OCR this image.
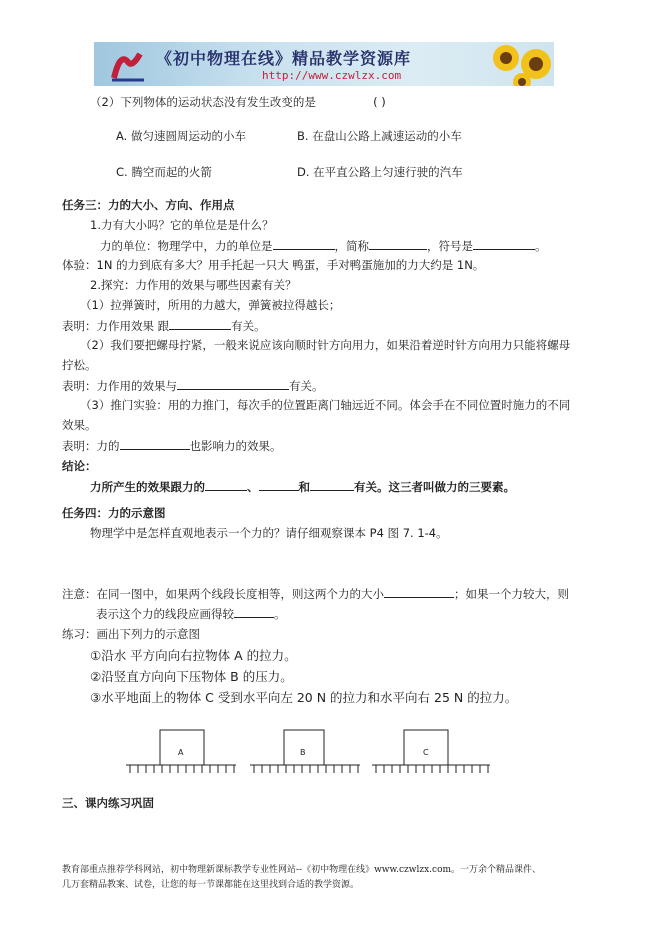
《初中物理在线》精品教学资源库
http://www.czwlzx.com
（2）下列物体的运动状态没有发生改变的是	( )
A. 做匀速圆周运动的小车	B. 在盘山公路上减速运动的小车
C. 腾空而起的火箭	D. 在平直公路上匀速行驶的汽车
任务三：力的大小、方向、作用点
1.力有大小吗？它的单位是是什么？
力的单位：物理学中，力的单位是	，简称	，符号是	。
体验：1N 的力到底有多大？用手托起一只大 鸭蛋，手对鸭蛋施加的力大约是 1N。
2.探究：力作用的效果与哪些因素有关？
（1）拉弹簧时，所用的力越大，弹簧被拉得越长；
表明：力作用效果 跟	有关。
（2）我们要把螺母拧紧，一般来说应该向顺时针方向用力，如果沿着逆时针方向用力只能将螺母
拧松。
表明：力作用的效果与	有关。
（3）推门实验：用的力推门，每次手的位置距离门轴远近不同。体会手在不同位置时施力的不同
效果。
表明：力的	也影响力的效果。
结论：
力所产生的效果跟力的	、	和	有关。这三者叫做力的三要素。
任务四：力的示意图
物理学中是怎样直观地表示一个力的？请仔细观察课本 P4 图 7. 1-4。
注意：在同一图中，如果两个线段长度相等，则这两个力的大小	；如果一个力较大，则
表示这个力的线段应画得较	。
练习：画出下列力的示意图
①沿水 平方向向右拉物体 A 的拉力。
②沿竖直方向向下压物体 B 的压力。
③水平地面上的物体 C 受到水平向左 20 N 的拉力和水平向右 25 N 的拉力。
A	B	C
三、课内练习巩固
教育部重点推荐学科网站，初中物理新课标教学专业性网站--《初中物理在线》www.czwlzx.com。一万余个精品课件、
几万套精品教案、试卷，让您的每一节课都能在这里找到合适的教学资源。
